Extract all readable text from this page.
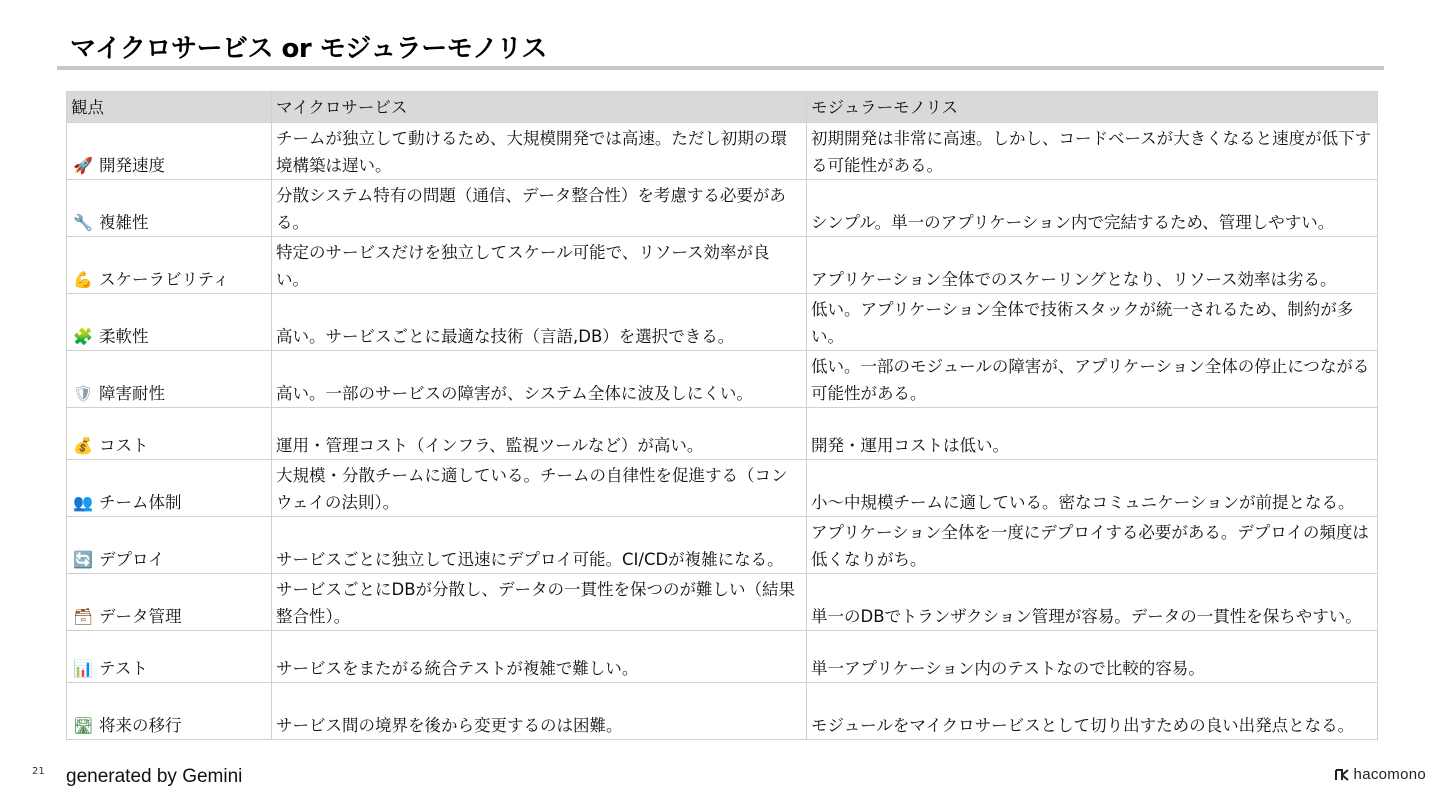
マイクロサービス or モジュラーモノリス
観点	マイクロサービス	モジュラーモノリス
🚀 開発速度	チームが独立して動けるため、大規模開発では高速。ただし初期の環境構築は遅い。	初期開発は非常に高速。しかし、コードベースが大きくなると速度が低下する可能性がある。
🔧 複雑性	分散システム特有の問題（通信、データ整合性）を考慮する必要がある。	シンプル。単一のアプリケーション内で完結するため、管理しやすい。
💪 スケーラビリティ	特定のサービスだけを独立してスケール可能で、リソース効率が良い。	アプリケーション全体でのスケーリングとなり、リソース効率は劣る。
🧩 柔軟性	高い。サービスごとに最適な技術（言語,DB）を選択できる。	低い。アプリケーション全体で技術スタックが統一されるため、制約が多い。
🛡 障害耐性	高い。一部のサービスの障害が、システム全体に波及しにくい。	低い。一部のモジュールの障害が、アプリケーション全体の停止につながる可能性がある。
💰 コスト	運用・管理コスト（インフラ、監視ツールなど）が高い。	開発・運用コストは低い。
👥 チーム体制	大規模・分散チームに適している。チームの自律性を促進する（コンウェイの法則）。	小〜中規模チームに適している。密なコミュニケーションが前提となる。
🔄 デプロイ	サービスごとに独立して迅速にデプロイ可能。CI/CDが複雑になる。	アプリケーション全体を一度にデプロイする必要がある。デプロイの頻度は低くなりがち。
🗃 データ管理	サービスごとにDBが分散し、データの一貫性を保つのが難しい（結果整合性）。	単一のDBでトランザクション管理が容易。データの一貫性を保ちやすい。
📊 テスト	サービスをまたがる統合テストが複雑で難しい。	単一アプリケーション内のテストなので比較的容易。
🛣 将来の移行	サービス間の境界を後から変更するのは困難。	モジュールをマイクロサービスとして切り出すための良い出発点となる。
21 generated by Gemini	hacomono
